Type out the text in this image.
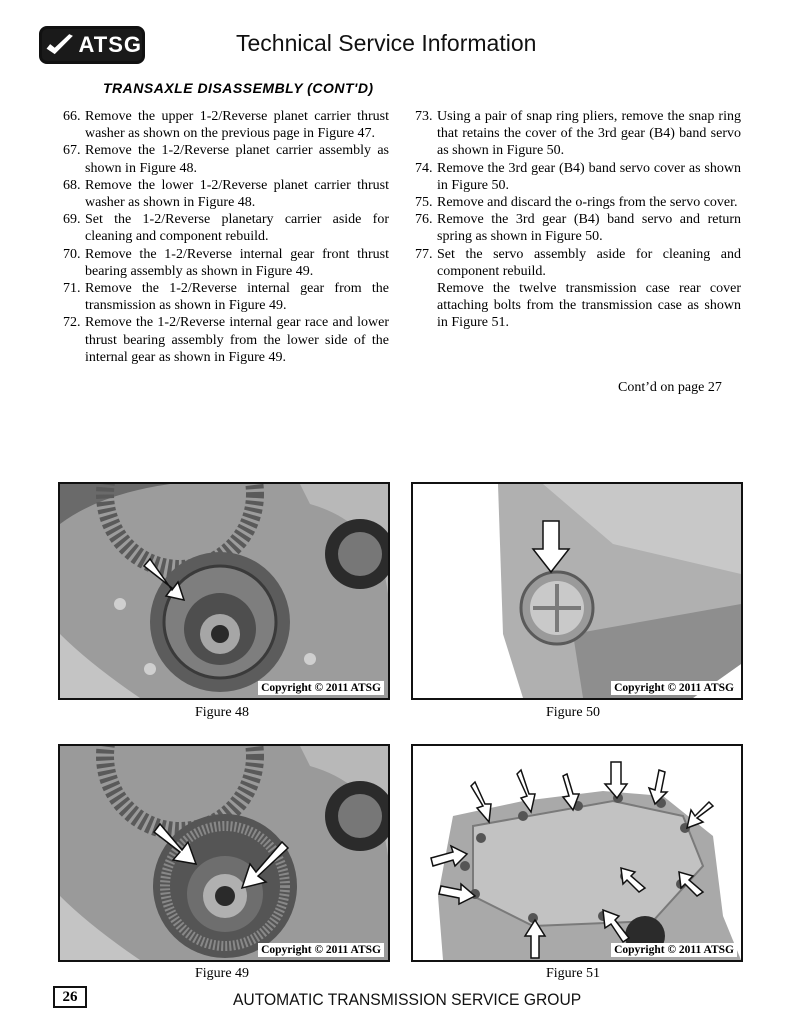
ATSG	Technical Service Information
TRANSAXLE DISASSEMBLY (CONT'D)
66. Remove the upper 1-2/Reverse planet carrier thrust washer as shown on the previous page in Figure 47.
67. Remove the 1-2/Reverse planet carrier assembly as shown in Figure 48.
68. Remove the lower 1-2/Reverse planet carrier thrust washer as shown in Figure 48.
69. Set the 1-2/Reverse planetary carrier aside for cleaning and component rebuild.
70. Remove the 1-2/Reverse internal gear front thrust bearing assembly as shown in Figure 49.
71. Remove the 1-2/Reverse internal gear from the transmission as shown in Figure 49.
72. Remove the 1-2/Reverse internal gear race and lower thrust bearing assembly from the lower side of the internal gear as shown in Figure 49.
73. Using a pair of snap ring pliers, remove the snap ring that retains the cover of the 3rd gear (B4) band servo as shown in Figure 50.
74. Remove the 3rd gear (B4) band servo cover as shown in Figure 50.
75. Remove and discard the o-rings from the servo cover.
76. Remove the 3rd gear (B4) band servo and return spring as shown in Figure 50.
77. Set the servo assembly aside for cleaning and component rebuild.
Remove the twelve transmission case rear cover attaching bolts from the transmission case as shown in Figure 51.
Cont’d on page 27
Copyright © 2011 ATSG
Figure 48
Copyright © 2011 ATSG
Figure 50
Copyright © 2011 ATSG
Figure 49
Copyright © 2011 ATSG
Figure 51
26	AUTOMATIC TRANSMISSION SERVICE GROUP
